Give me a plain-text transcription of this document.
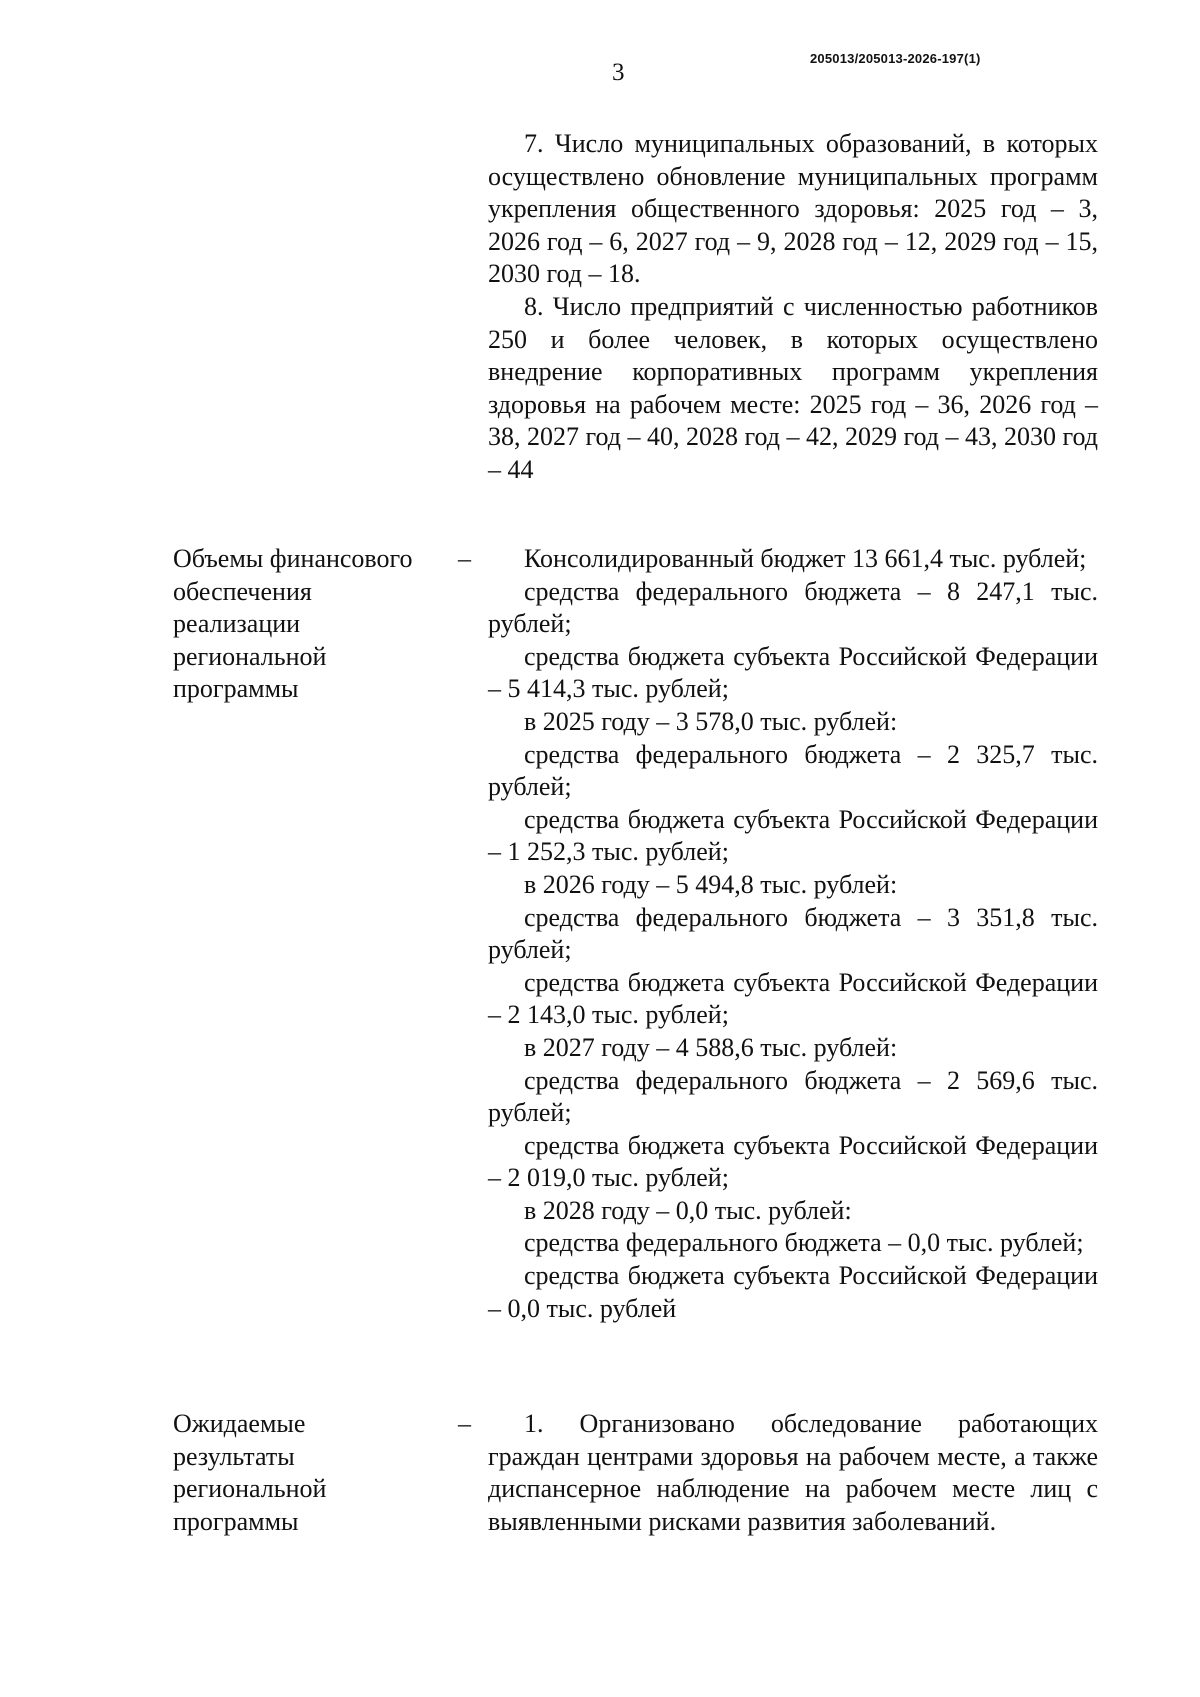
3
205013/205013-2026-197(1)

7. Число муниципальных образований, в которых осуществлено обновление муниципальных программ укрепления общественного здоровья: 2025 год – 3, 2026 год – 6, 2027 год – 9, 2028 год – 12, 2029 год – 15, 2030 год – 18.

8. Число предприятий с численностью работников 250 и более человек, в которых осуществлено внедрение корпоративных программ укрепления здоровья на рабочем месте: 2025 год – 36, 2026 год – 38, 2027 год – 40, 2028 год – 42, 2029 год – 43, 2030 год – 44

Объемы финансового
обеспечения
реализации
региональной
программы
–	Консолидированный бюджет 13 661,4 тыс. рублей;

средства федерального бюджета – 8 247,1 тыс. рублей;

средства бюджета субъекта Российской Федерации – 5 414,3 тыс. рублей;

в 2025 году – 3 578,0 тыс. рублей:

средства федерального бюджета – 2 325,7 тыс. рублей;

средства бюджета субъекта Российской Федерации – 1 252,3 тыс. рублей;

в 2026 году – 5 494,8 тыс. рублей:

средства федерального бюджета – 3 351,8 тыс. рублей;

средства бюджета субъекта Российской Федерации – 2 143,0 тыс. рублей;

в 2027 году – 4 588,6 тыс. рублей:

средства федерального бюджета – 2 569,6 тыс. рублей;

средства бюджета субъекта Российской Федерации – 2 019,0 тыс. рублей;

в 2028 году – 0,0 тыс. рублей:

средства федерального бюджета – 0,0 тыс. рублей;

средства бюджета субъекта Российской Федерации – 0,0 тыс. рублей

Ожидаемые
результаты
региональной
программы
–	1. Организовано обследование работающих граждан центрами здоровья на рабочем месте, а также диспансерное наблюдение на рабочем месте лиц с выявленными рисками развития заболеваний.
